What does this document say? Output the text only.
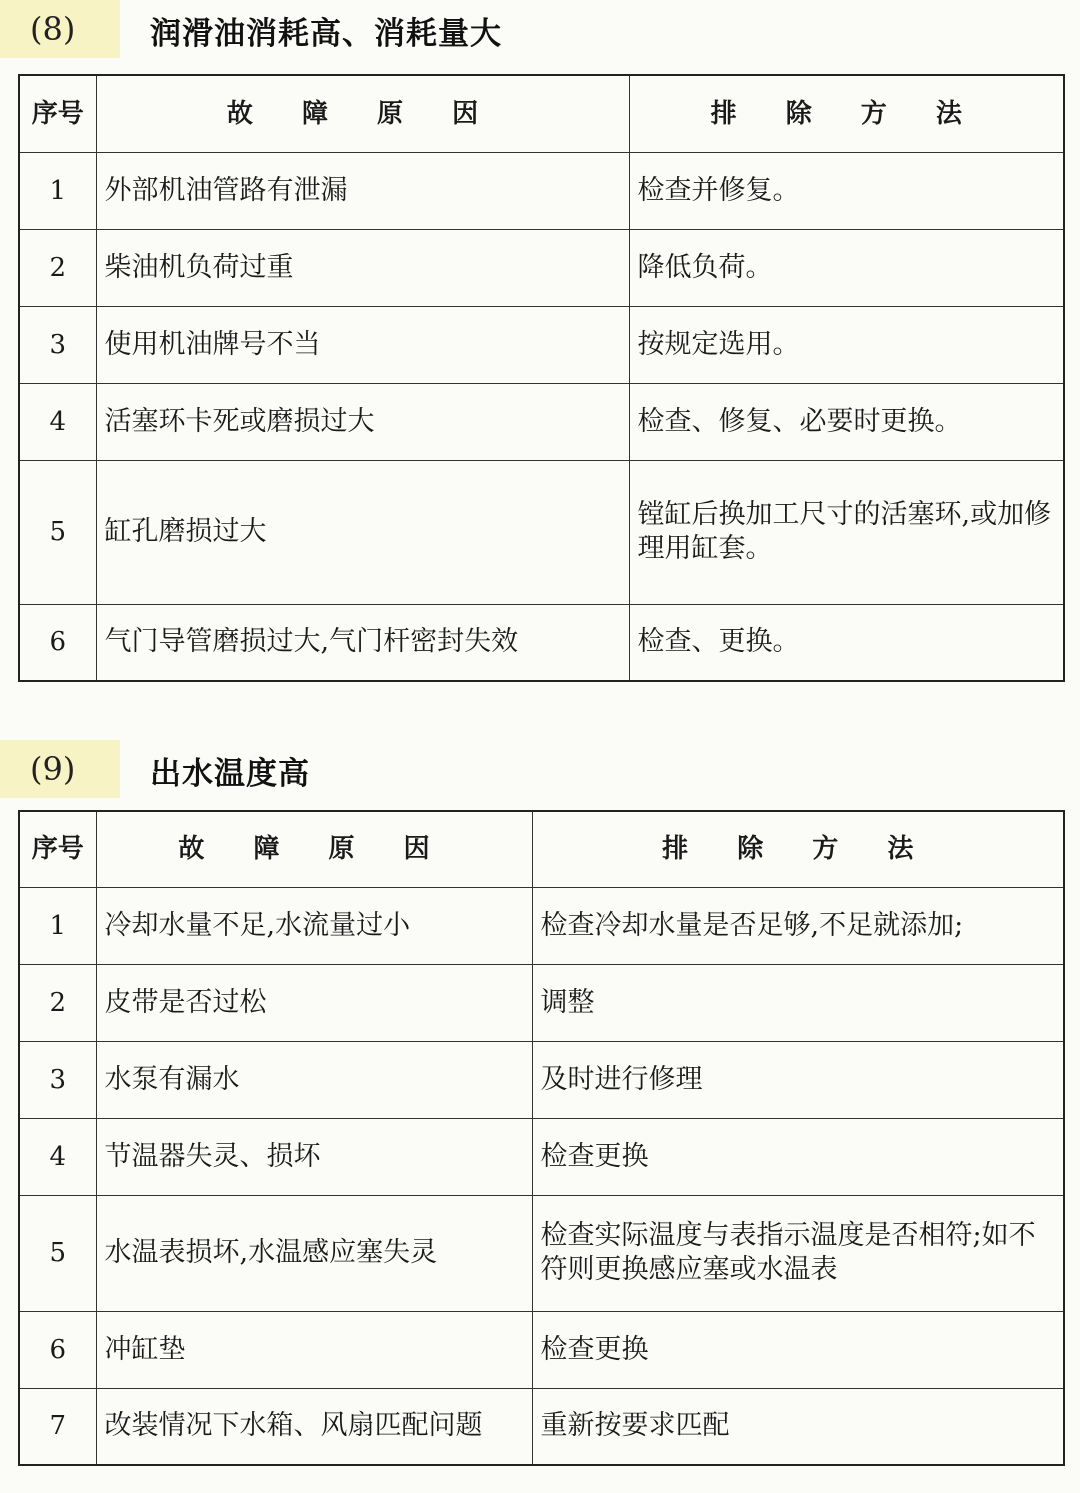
(8)	润滑油消耗高、消耗量大
序号	故 障 原 因	排 除 方 法
1	外部机油管路有泄漏	检查并修复。
2	柴油机负荷过重	降低负荷。
3	使用机油牌号不当	按规定选用。
4	活塞环卡死或磨损过大	检查、修复、必要时更换。
5	缸孔磨损过大	镗缸后换加工尺寸的活塞环,或加修理用缸套。
6	气门导管磨损过大,气门杆密封失效	检查、更换。
(9)	出水温度高
序号	故 障 原 因	排 除 方 法
1	冷却水量不足,水流量过小	检查冷却水量是否足够,不足就添加;
2	皮带是否过松	调整
3	水泵有漏水	及时进行修理
4	节温器失灵、损坏	检查更换
5	水温表损坏,水温感应塞失灵	检查实际温度与表指示温度是否相符;如不符则更换感应塞或水温表
6	冲缸垫	检查更换
7	改装情况下水箱、风扇匹配问题	重新按要求匹配
